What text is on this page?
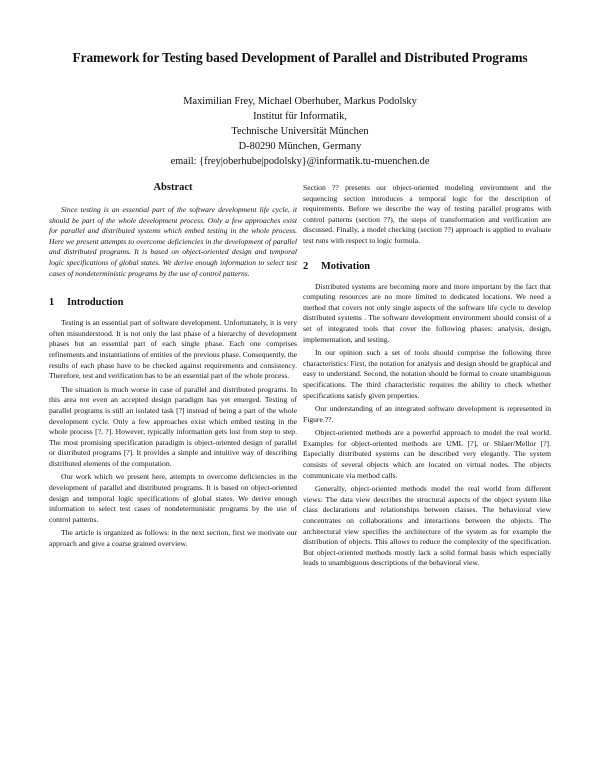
Framework for Testing based Development of Parallel and Distributed Programs
Maximilian Frey, Michael Oberhuber, Markus Podolsky
Institut für Informatik,
Technische Universität München
D-80290 München, Germany
email: {frey|oberhube|podolsky}@informatik.tu-muenchen.de
Abstract

Since testing is an essential part of the software development life cycle, it should be part of the whole development process. Only a few approaches exist for parallel and distributed systems which embed testing in the whole process. Here we present attempts to overcome deficiencies in the development of parallel and distributed programs. It is based on object-oriented design and temporal logic specifications of global states. We derive enough information to select test cases of nondeterministic programs by the use of control patterns.

1 Introduction

Testing is an essential part of software development. Unfortunately, it is very often misunderstood. It is not only the last phase of a hierarchy of development phases but an essential part of each single phase. Each one comprises refinements and instantiations of entities of the previous phase. Consequently, the results of each phase have to be checked against requirements and consistency. Therefore, test and verification has to be an essential part of the whole process.

The situation is much worse in case of parallel and distributed programs. In this area not even an accepted design paradigm has yet emerged. Testing of parallel programs is still an isolated task [?] instead of being a part of the whole development cycle. Only a few approaches exist which embed testing in the whole process [?, ?]. However, typically information gets lost from step to step. The most promising specification paradigm is object-oriented design of parallel or distributed programs [?]. It provides a simple and intuitive way of describing distributed elements of the computation.

Our work which we present here, attempts to overcome deficiencies in the development of parallel and distributed programs. It is based on object-oriented design and temporal logic specifications of global states. We derive enough information to select test cases of nondeterministic programs by the use of control patterns.

The article is organized as follows: in the next section, first we motivate our approach and give a coarse grained overview.

Section ?? presents our object-oriented modeling environment and the sequencing section introduces a temporal logic for the description of requirements. Before we describe the way of testing parallel programs with control patterns (section ??), the steps of transformation and verification are discussed. Finally, a model checking (section ??) approach is applied to evaluate test runs with respect to logic formula.

2 Motivation

Distributed systems are becoming more and more important by the fact that computing resources are no more limited to dedicated locations. We need a method that covers not only single aspects of the software life cycle to develop distributed systems . The software development environment should consist of a set of integrated tools that cover the following phases: analysis, design, implementation, and testing.

In our opinion such a set of tools should comprise the following three characteristics: First, the notation for analysis and design should be graphical and easy to understand. Second, the notation should be formal to create unambiguous specifications. The third characteristic requires the ability to check whether specifications satisfy given properties.

Our understanding of an integrated software development is represented in Figure ??.

Object-oriented methods are a powerful approach to model the real world. Examples for object-oriented methods are UML [?], or Shlaer/Mellor [?]. Especially distributed systems can be described very elegantly. The system consists of several objects which are located on virtual nodes. The objects communicate via method calls.

Generally, object-oriented methods model the real world from different views: The data view describes the structural aspects of the object system like class declarations and relationships between classes. The behavioral view concentrates on collaborations and interactions between the objects. The architectural view specifies the architecture of the system as for example the distribution of objects. This allows to reduce the complexity of the specification. But object-oriented methods mostly lack a solid formal basis which especially leads to unambiguous descriptions of the behavioral view.
